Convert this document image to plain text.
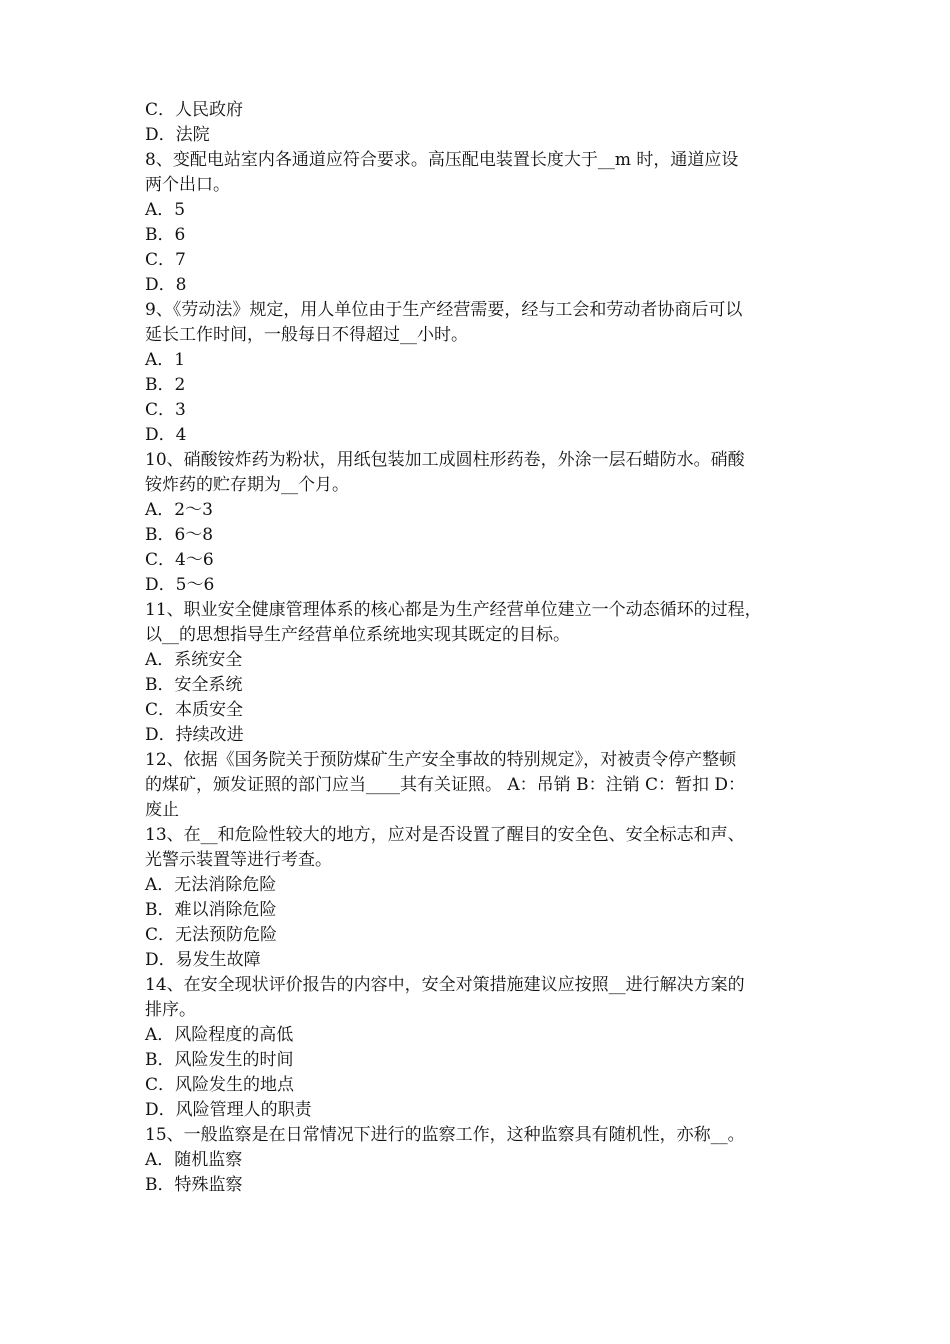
C．人民政府
D．法院
8、变配电站室内各通道应符合要求。高压配电装置长度大于__m 时，通道应设
两个出口。
A．5
B．6
C．7
D．8
9、《劳动法》规定，用人单位由于生产经营需要，经与工会和劳动者协商后可以
延长工作时间，一般每日不得超过__小时。
A．1
B．2
C．3
D．4
10、硝酸铵炸药为粉状，用纸包装加工成圆柱形药卷，外涂一层石蜡防水。硝酸
铵炸药的贮存期为__个月。
A．2～3
B．6～8
C．4～6
D．5～6
11、职业安全健康管理体系的核心都是为生产经营单位建立一个动态循环的过程，
以__的思想指导生产经营单位系统地实现其既定的目标。
A．系统安全
B．安全系统
C．本质安全
D．持续改进
12、依据《国务院关于预防煤矿生产安全事故的特别规定》，对被责令停产整顿
的煤矿，颁发证照的部门应当____其有关证照。 A：吊销 B：注销 C：暂扣 D：
废止
13、在__和危险性较大的地方，应对是否设置了醒目的安全色、安全标志和声、
光警示装置等进行考查。
A．无法消除危险
B．难以消除危险
C．无法预防危险
D．易发生故障
14、在安全现状评价报告的内容中，安全对策措施建议应按照__进行解决方案的
排序。
A．风险程度的高低
B．风险发生的时间
C．风险发生的地点
D．风险管理人的职责
15、一般监察是在日常情况下进行的监察工作，这种监察具有随机性，亦称__。
A．随机监察
B．特殊监察
